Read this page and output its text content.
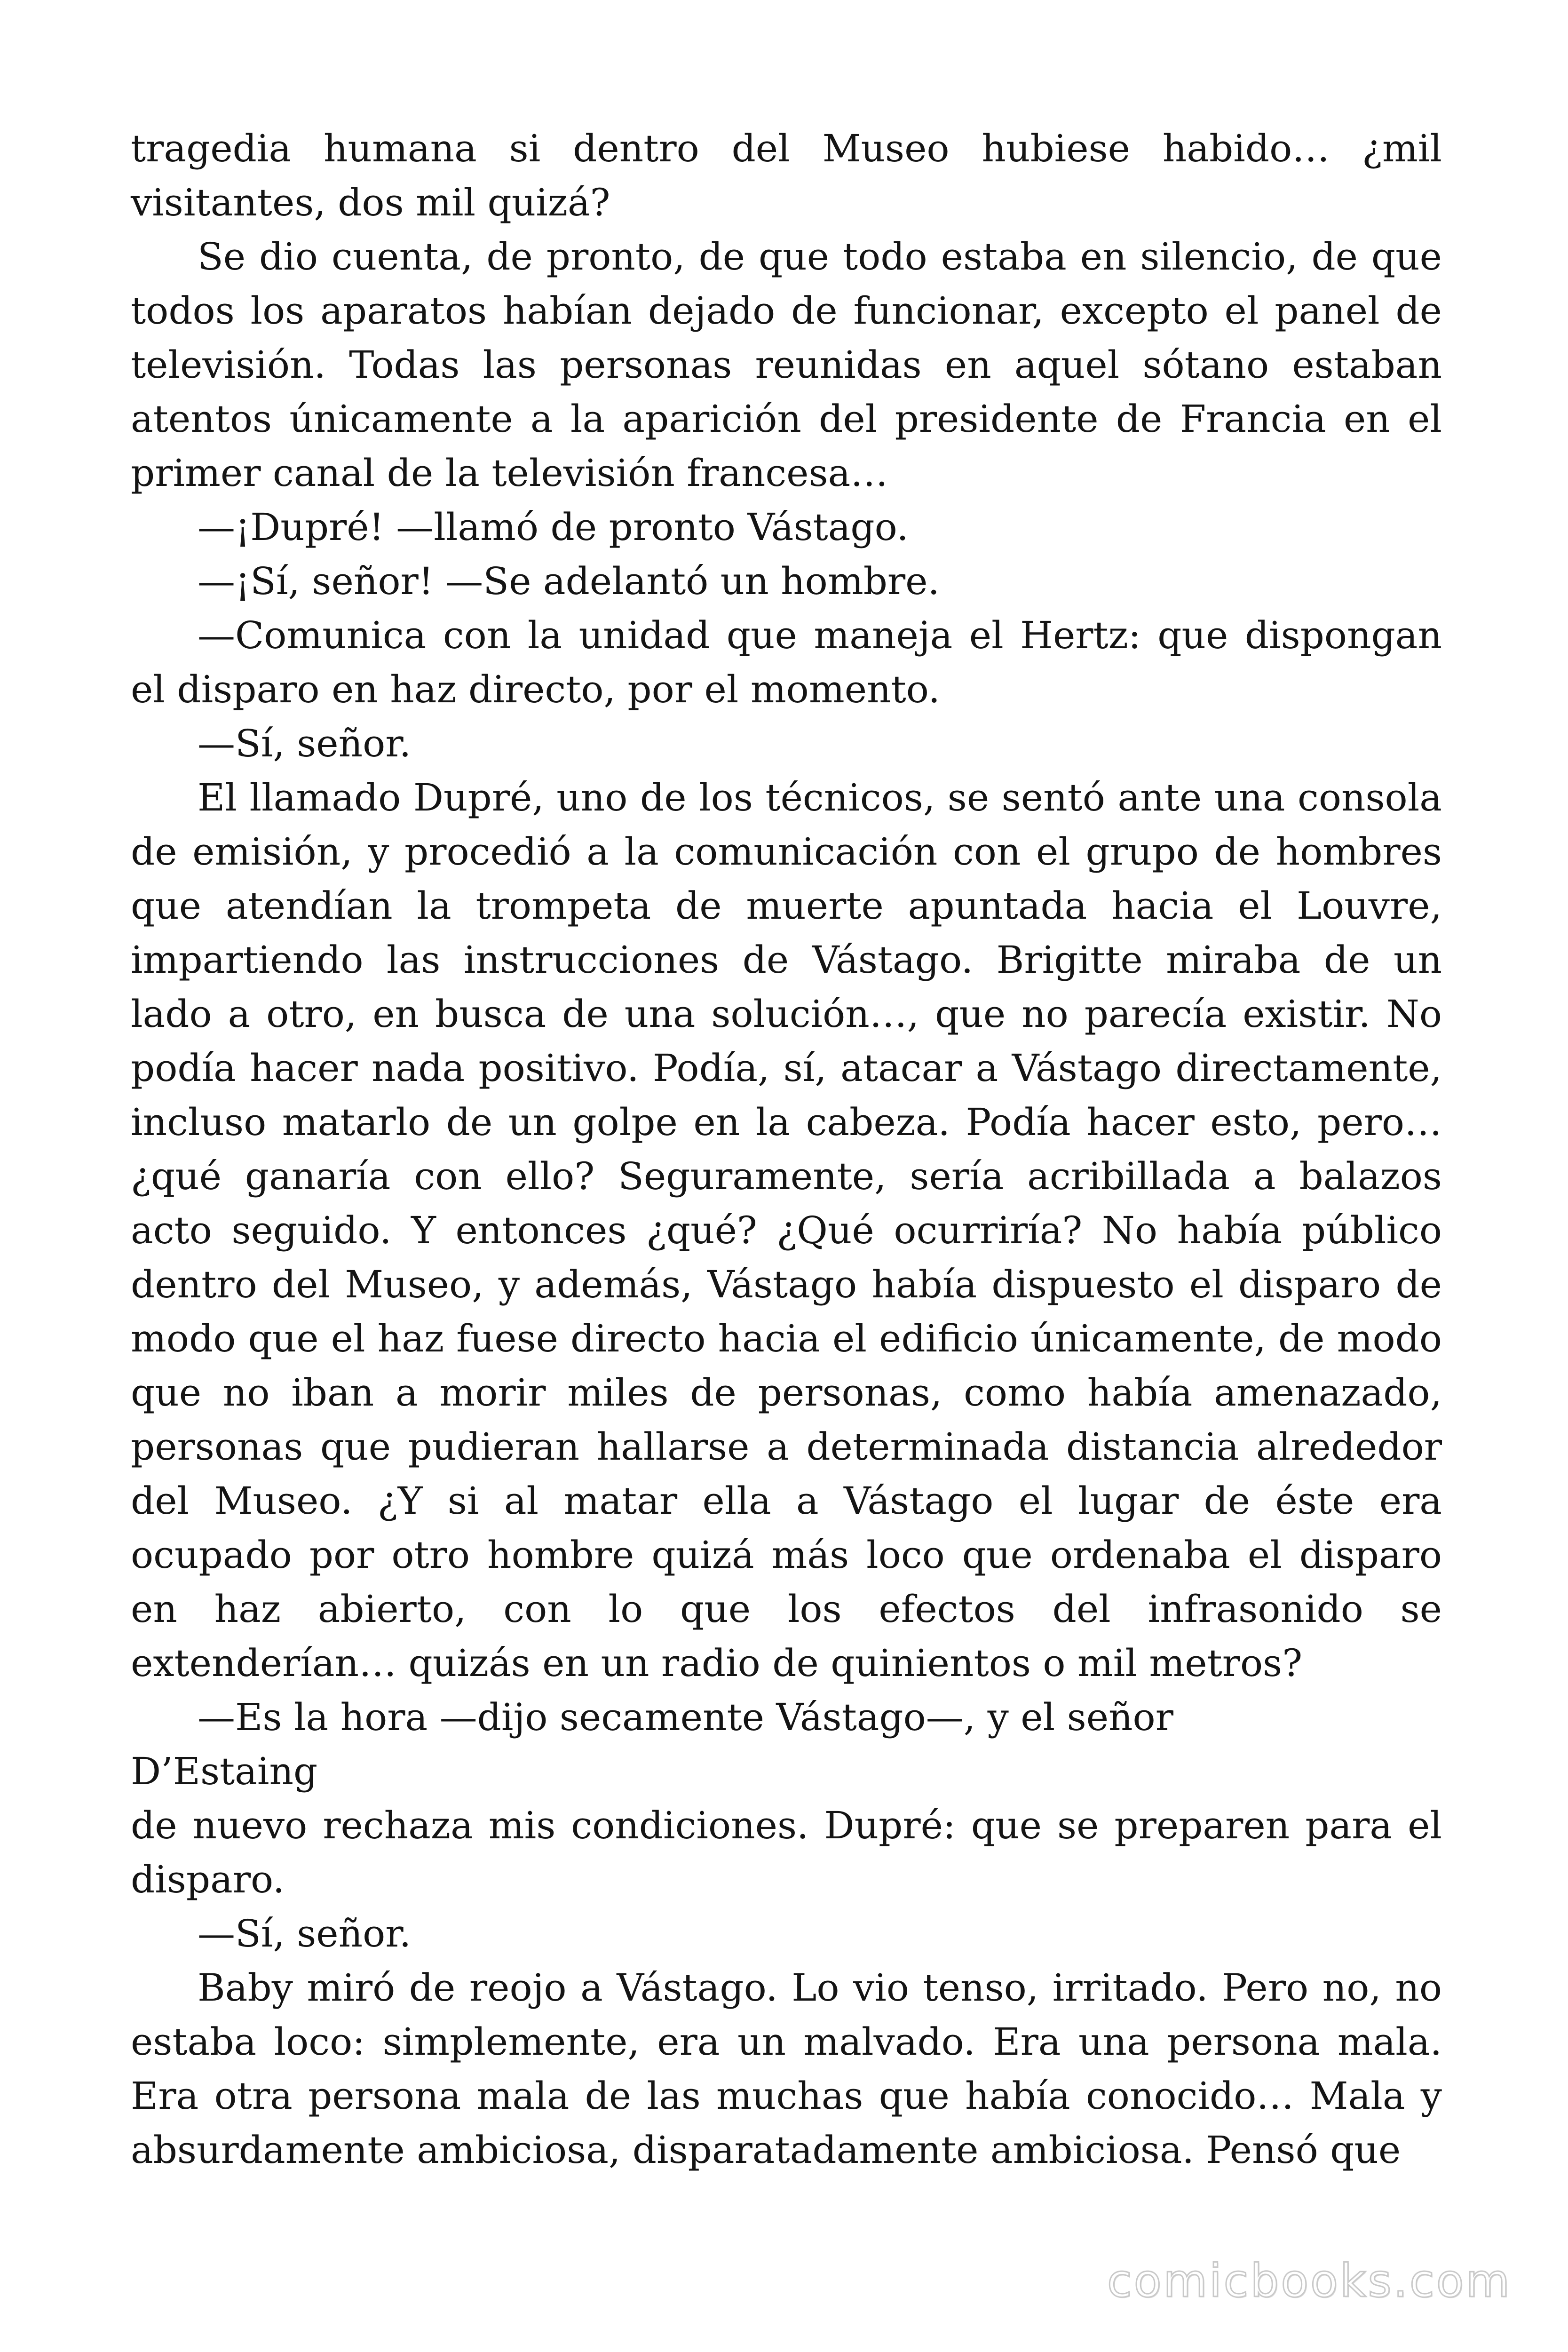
tragedia humana si dentro del Museo hubiese habido… ¿mil visitantes, dos mil quizá?

Se dio cuenta, de pronto, de que todo estaba en silencio, de que todos los aparatos habían dejado de funcionar, excepto el panel de televisión. Todas las personas reunidas en aquel sótano estaban atentos únicamente a la aparición del presidente de Francia en el primer canal de la televisión francesa…

—¡Dupré! —llamó de pronto Vástago.

—¡Sí, señor! —Se adelantó un hombre.

—Comunica con la unidad que maneja el Hertz: que dispongan el disparo en haz directo, por el momento.

—Sí, señor.

El llamado Dupré, uno de los técnicos, se sentó ante una consola de emisión, y procedió a la comunicación con el grupo de hombres que atendían la trompeta de muerte apuntada hacia el Louvre, impartiendo las instrucciones de Vástago. Brigitte miraba de un lado a otro, en busca de una solución…, que no parecía existir. No podía hacer nada positivo. Podía, sí, atacar a Vástago directamente, incluso matarlo de un golpe en la cabeza. Podía hacer esto, pero… ¿qué ganaría con ello? Seguramente, sería acribillada a balazos acto seguido. Y entonces ¿qué? ¿Qué ocurriría? No había público dentro del Museo, y además, Vástago había dispuesto el disparo de modo que el haz fuese directo hacia el edificio únicamente, de modo que no iban a morir miles de personas, como había amenazado, personas que pudieran hallarse a determinada distancia alrededor del Museo. ¿Y si al matar ella a Vástago el lugar de éste era ocupado por otro hombre quizá más loco que ordenaba el disparo en haz abierto, con lo que los efectos del infrasonido se extenderían… quizás en un radio de quinientos o mil metros?

—Es la hora —dijo secamente Vástago—, y el señor

D’Estaing

de nuevo rechaza mis condiciones. Dupré: que se preparen para el disparo.

—Sí, señor.

Baby miró de reojo a Vástago. Lo vio tenso, irritado. Pero no, no estaba loco: simplemente, era un malvado. Era una persona mala. Era otra persona mala de las muchas que había conocido… Mala y absurdamente ambiciosa, disparatadamente ambiciosa. Pensó que

comicbooks.com
